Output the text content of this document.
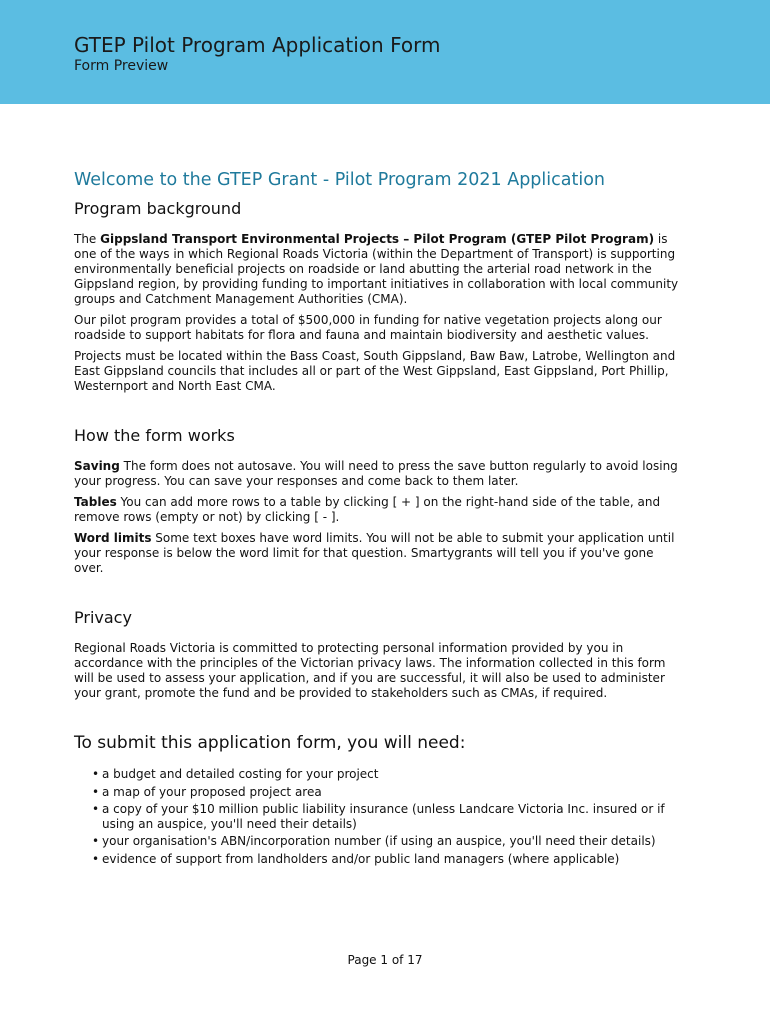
GTEP Pilot Program Application Form
Form Preview
Welcome to the GTEP Grant - Pilot Program 2021 Application
Program background

The Gippsland Transport Environmental Projects – Pilot Program (GTEP Pilot Program) is one of the ways in which Regional Roads Victoria (within the Department of Transport) is supporting environmentally beneficial projects on roadside or land abutting the arterial road network in the Gippsland region, by providing funding to important initiatives in collaboration with local community groups and Catchment Management Authorities (CMA).

Our pilot program provides a total of $500,000 in funding for native vegetation projects along our roadside to support habitats for flora and fauna and maintain biodiversity and aesthetic values.

Projects must be located within the Bass Coast, South Gippsland, Baw Baw, Latrobe, Wellington and East Gippsland councils that includes all or part of the West Gippsland, East Gippsland, Port Phillip, Westernport and North East CMA.

How the form works

Saving The form does not autosave. You will need to press the save button regularly to avoid losing your progress. You can save your responses and come back to them later.

Tables You can add more rows to a table by clicking [ + ] on the right-hand side of the table, and remove rows (empty or not) by clicking [ - ].

Word limits Some text boxes have word limits. You will not be able to submit your application until your response is below the word limit for that question. Smartygrants will tell you if you've gone over.

Privacy

Regional Roads Victoria is committed to protecting personal information provided by you in accordance with the principles of the Victorian privacy laws. The information collected in this form will be used to assess your application, and if you are successful, it will also be used to administer your grant, promote the fund and be provided to stakeholders such as CMAs, if required.

To submit this application form, you will need:
• a budget and detailed costing for your project
• a map of your proposed project area
• a copy of your $10 million public liability insurance (unless Landcare Victoria Inc. insured or if using an auspice, you'll need their details)
• your organisation's ABN/incorporation number (if using an auspice, you'll need their details)
• evidence of support from landholders and/or public land managers (where applicable)
Page 1 of 17
